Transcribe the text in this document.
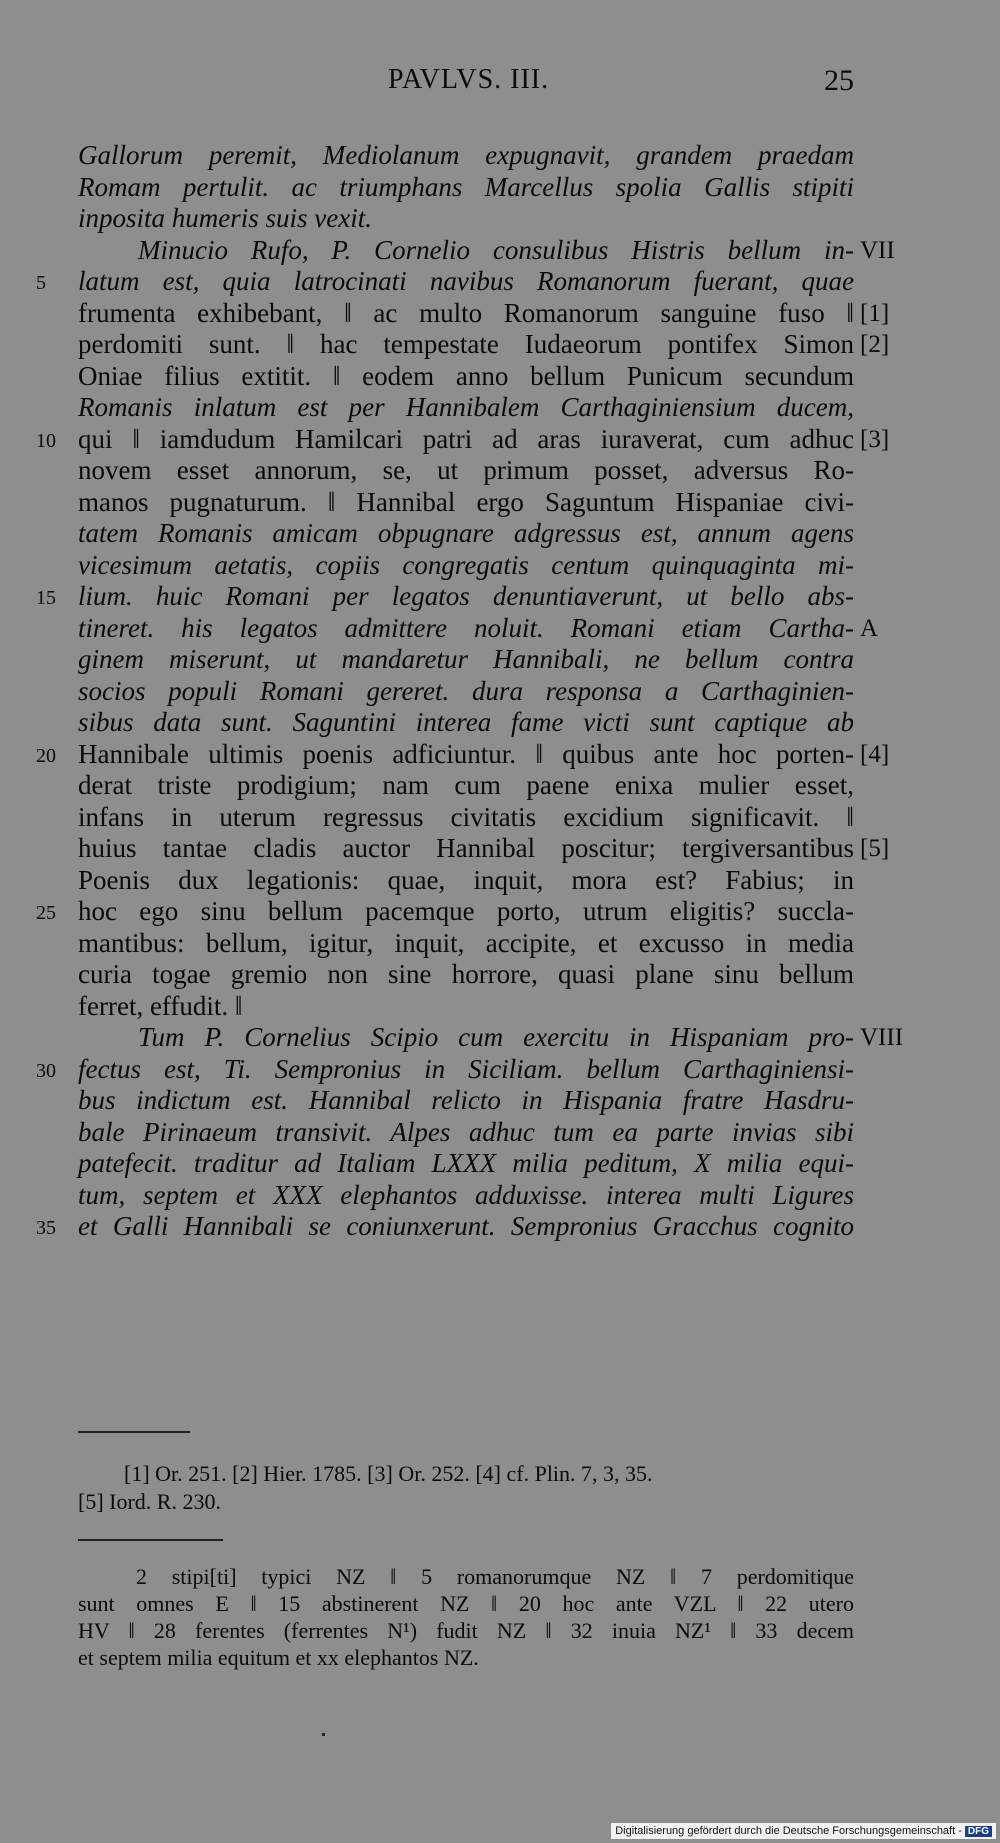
PAVLVS. III.	25
Gallorum peremit, Mediolanum expugnavit, grandem praedam
Romam pertulit. ac triumphans Marcellus spolia Gallis stipiti
inposita humeris suis vexit.
Minucio Rufo, P. Cornelio consulibus Histris bellum in- VII
5	latum est, quia latrocinati navibus Romanorum fuerant, quae
frumenta exhibebant, ‖ ac multo Romanorum sanguine fuso ‖ [1]
perdomiti sunt. ‖ hac tempestate Iudaeorum pontifex Simon [2]
Oniae filius extitit. ‖ eodem anno bellum Punicum secundum
Romanis inlatum est per Hannibalem Carthaginiensium ducem,
10 qui ‖ iamdudum Hamilcari patri ad aras iuraverat, cum adhuc [3]
novem esset annorum, se, ut primum posset, adversus Ro-
manos pugnaturum. ‖ Hannibal ergo Saguntum Hispaniae civi-
tatem Romanis amicam obpugnare adgressus est, annum agens
vicesimum aetatis, copiis congregatis centum quinquaginta mi-
15 lium. huic Romani per legatos denuntiaverunt, ut bello abs-
tineret. his legatos admittere noluit. Romani etiam Cartha- A
ginem miserunt, ut mandaretur Hannibali, ne bellum contra
socios populi Romani gereret. dura responsa a Carthaginien-
sibus data sunt. Saguntini interea fame victi sunt captique ab
20 Hannibale ultimis poenis adficiuntur. ‖ quibus ante hoc porten- [4]
derat triste prodigium; nam cum paene enixa mulier esset,
infans in uterum regressus civitatis excidium significavit. ‖
huius tantae cladis auctor Hannibal poscitur; tergiversantibus [5]
Poenis dux legationis: quae, inquit, mora est? Fabius; in
25 hoc ego sinu bellum pacemque porto, utrum eligitis? succla-
mantibus: bellum, igitur, inquit, accipite, et excusso in media
curia togae gremio non sine horrore, quasi plane sinu bellum
ferret, effudit. ‖
Tum P. Cornelius Scipio cum exercitu in Hispaniam pro- VIII
30 fectus est, Ti. Sempronius in Siciliam. bellum Carthaginiensi-
bus indictum est. Hannibal relicto in Hispania fratre Hasdru-
bale Pirinaeum transivit. Alpes adhuc tum ea parte invias sibi
patefecit. traditur ad Italiam LXXX milia peditum, X milia equi-
tum, septem et XXX elephantos adduxisse. interea multi Ligures
35 et Galli Hannibali se coniunxerunt. Sempronius Gracchus cognito
[1] Or. 251. [2] Hier. 1785. [3] Or. 252. [4] cf. Plin. 7, 3, 35.
[5] Iord. R. 230.
2 stipi[ti] typici NZ ‖ 5 romanorumque NZ ‖ 7 perdomitique
sunt omnes E ‖ 15 abstinerent NZ ‖ 20 hoc ante VZL ‖ 22 utero
HV ‖ 28 ferentes (ferrentes N¹) fudit NZ ‖ 32 inuia NZ¹ ‖ 33 decem
et septem milia equitum et xx elephantos NZ.
Digitalisierung gefördert durch die Deutsche Forschungsgemeinschaft - DFG
